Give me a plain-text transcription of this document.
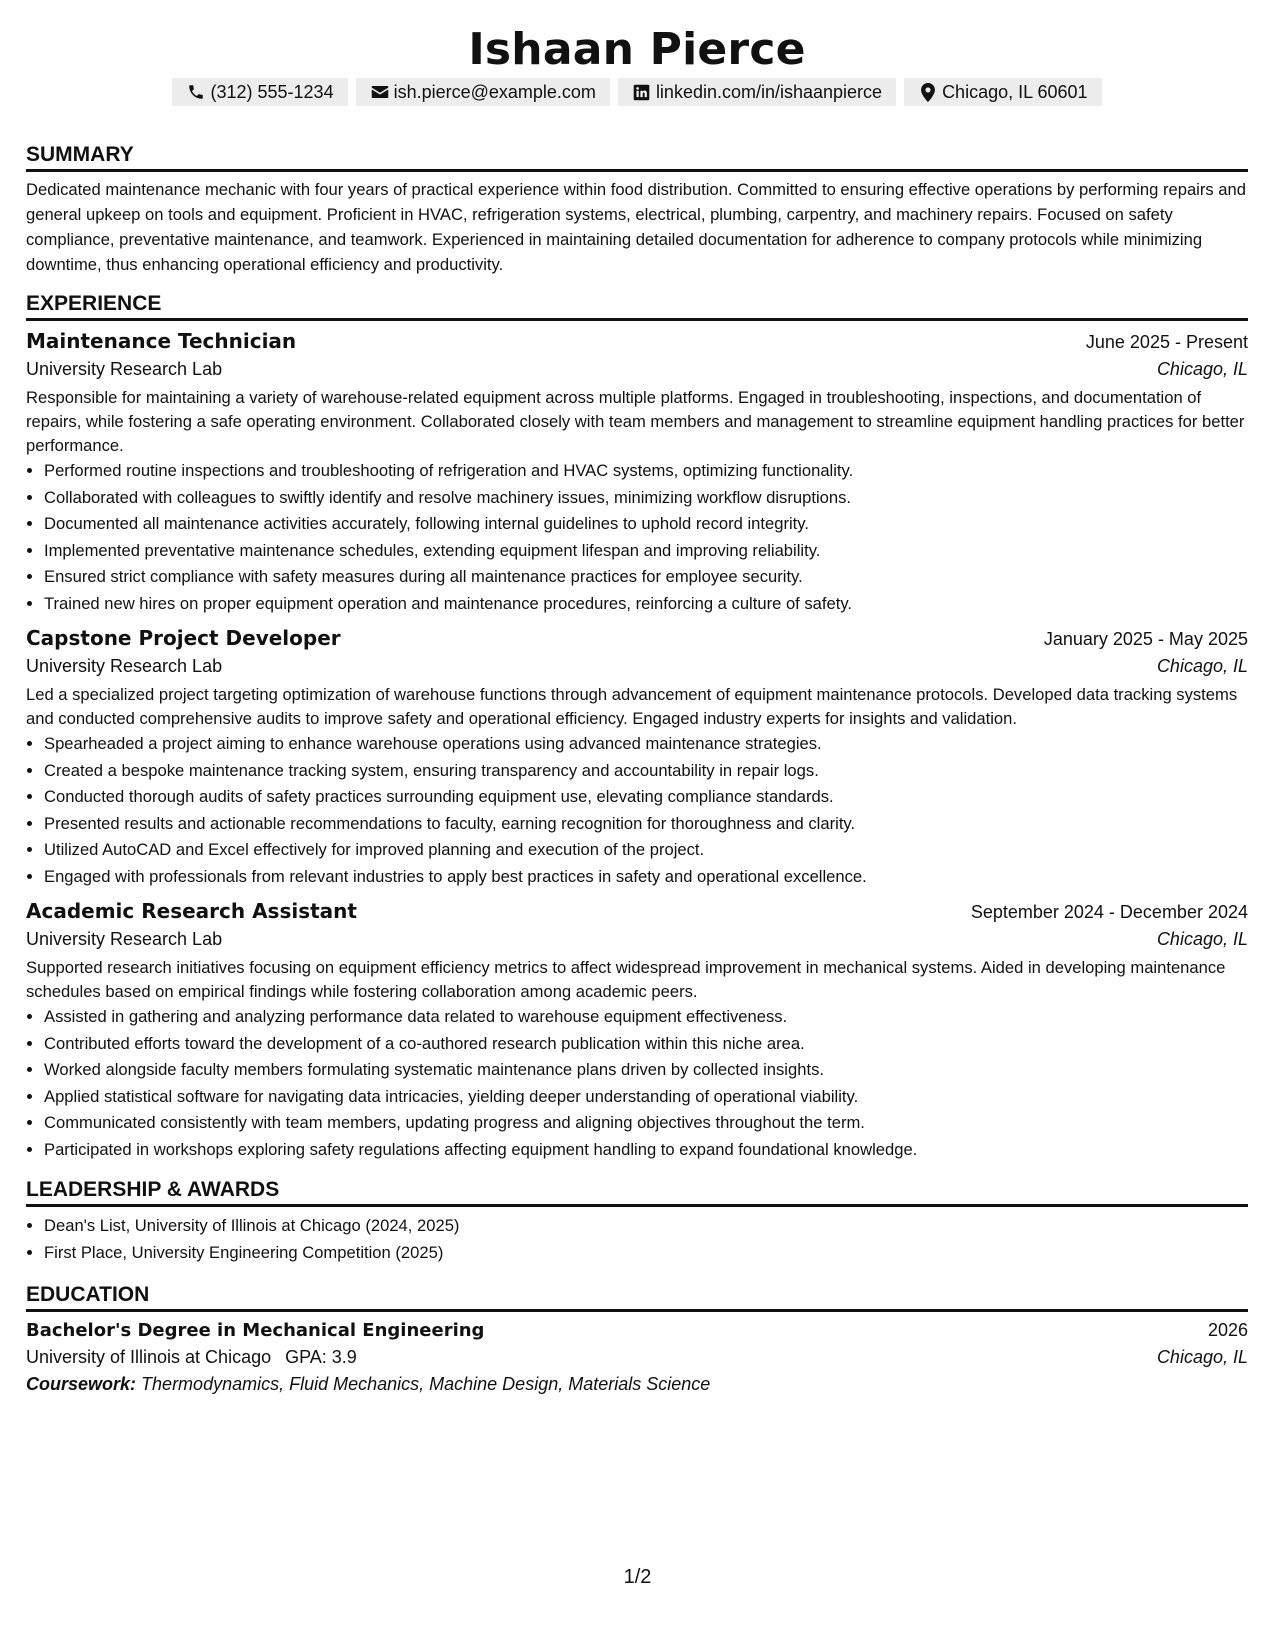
Ishaan Pierce
(312) 555-1234	ish.pierce@example.com	linkedin.com/in/ishaanpierce	Chicago, IL 60601
SUMMARY
Dedicated maintenance mechanic with four years of practical experience within food distribution. Committed to ensuring effective operations by performing repairs and general upkeep on tools and equipment. Proficient in HVAC, refrigeration systems, electrical, plumbing, carpentry, and machinery repairs. Focused on safety compliance, preventative maintenance, and teamwork. Experienced in maintaining detailed documentation for adherence to company protocols while minimizing downtime, thus enhancing operational efficiency and productivity.
EXPERIENCE
Maintenance Technician	June 2025 - Present
University Research Lab	Chicago, IL
Responsible for maintaining a variety of warehouse-related equipment across multiple platforms. Engaged in troubleshooting, inspections, and documentation of repairs, while fostering a safe operating environment. Collaborated closely with team members and management to streamline equipment handling practices for better performance.
• Performed routine inspections and troubleshooting of refrigeration and HVAC systems, optimizing functionality.
• Collaborated with colleagues to swiftly identify and resolve machinery issues, minimizing workflow disruptions.
• Documented all maintenance activities accurately, following internal guidelines to uphold record integrity.
• Implemented preventative maintenance schedules, extending equipment lifespan and improving reliability.
• Ensured strict compliance with safety measures during all maintenance practices for employee security.
• Trained new hires on proper equipment operation and maintenance procedures, reinforcing a culture of safety.
Capstone Project Developer	January 2025 - May 2025
University Research Lab	Chicago, IL
Led a specialized project targeting optimization of warehouse functions through advancement of equipment maintenance protocols. Developed data tracking systems and conducted comprehensive audits to improve safety and operational efficiency. Engaged industry experts for insights and validation.
• Spearheaded a project aiming to enhance warehouse operations using advanced maintenance strategies.
• Created a bespoke maintenance tracking system, ensuring transparency and accountability in repair logs.
• Conducted thorough audits of safety practices surrounding equipment use, elevating compliance standards.
• Presented results and actionable recommendations to faculty, earning recognition for thoroughness and clarity.
• Utilized AutoCAD and Excel effectively for improved planning and execution of the project.
• Engaged with professionals from relevant industries to apply best practices in safety and operational excellence.
Academic Research Assistant	September 2024 - December 2024
University Research Lab	Chicago, IL
Supported research initiatives focusing on equipment efficiency metrics to affect widespread improvement in mechanical systems. Aided in developing maintenance schedules based on empirical findings while fostering collaboration among academic peers.
• Assisted in gathering and analyzing performance data related to warehouse equipment effectiveness.
• Contributed efforts toward the development of a co-authored research publication within this niche area.
• Worked alongside faculty members formulating systematic maintenance plans driven by collected insights.
• Applied statistical software for navigating data intricacies, yielding deeper understanding of operational viability.
• Communicated consistently with team members, updating progress and aligning objectives throughout the term.
• Participated in workshops exploring safety regulations affecting equipment handling to expand foundational knowledge.
LEADERSHIP & AWARDS
• Dean's List, University of Illinois at Chicago (2024, 2025)
• First Place, University Engineering Competition (2025)
EDUCATION
Bachelor's Degree in Mechanical Engineering	2026
University of Illinois at Chicago GPA: 3.9	Chicago, IL
Coursework: Thermodynamics, Fluid Mechanics, Machine Design, Materials Science
1/2
